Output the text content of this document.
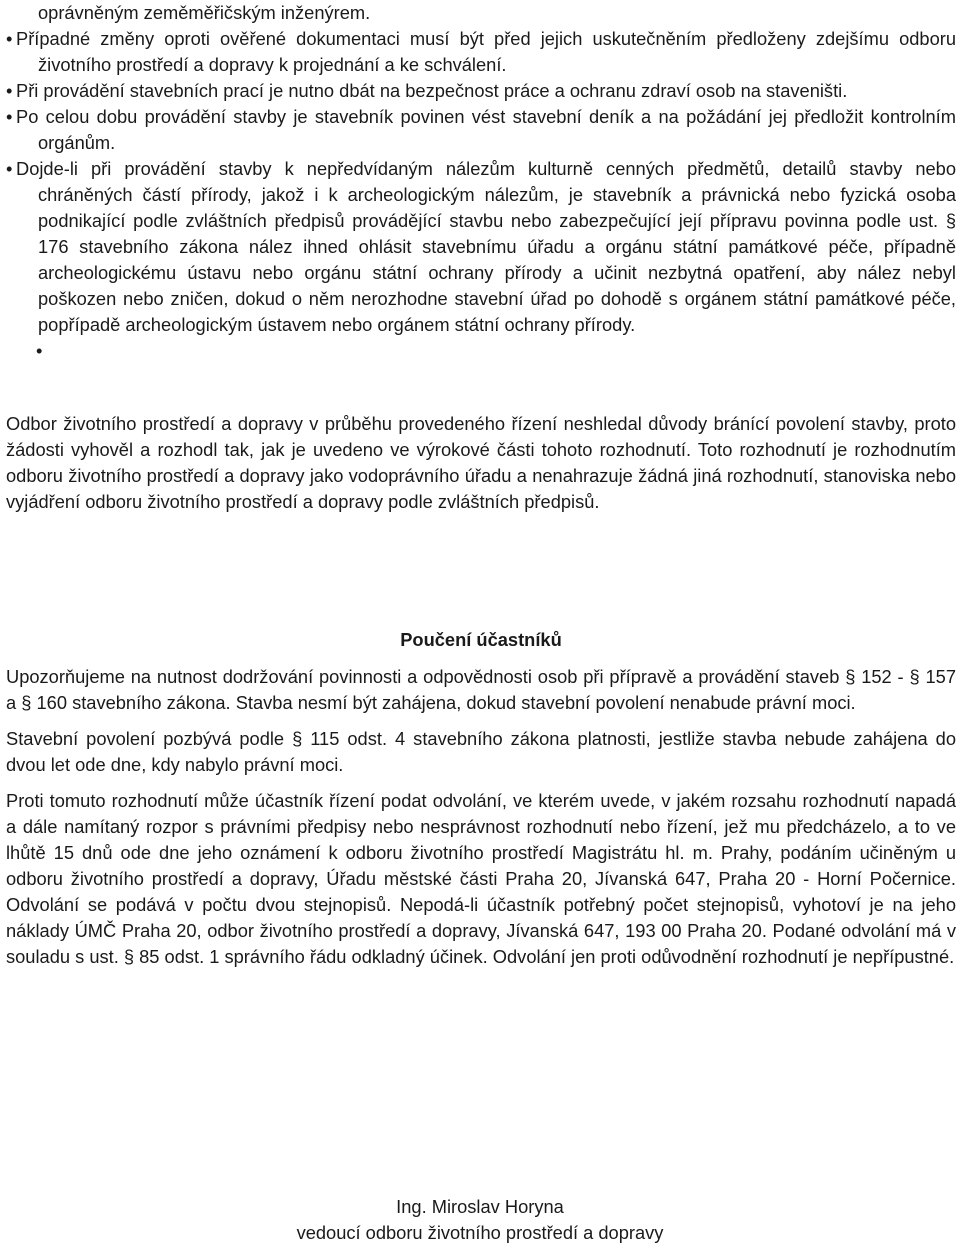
oprávněným zeměměřičským inženýrem.

• Případné změny oproti ověřené dokumentaci musí být před jejich uskutečněním předloženy zdejšímu odboru životního prostředí a dopravy k projednání a ke schválení.

• Při provádění stavebních prací je nutno dbát na bezpečnost práce a ochranu zdraví osob na staveništi.

• Po celou dobu provádění stavby je stavebník povinen vést stavební deník a na požádání jej předložit kontrolním orgánům.

• Dojde-li při provádění stavby k nepředvídaným nálezům kulturně cenných předmětů, detailů stavby nebo chráněných částí přírody, jakož i k archeologickým nálezům, je stavebník a právnická nebo fyzická osoba podnikající podle zvláštních předpisů provádějící stavbu nebo zabezpečující její přípravu povinna podle ust. § 176 stavebního zákona nález ihned ohlásit stavebnímu úřadu a orgánu státní památkové péče, případně archeologickému ústavu nebo orgánu státní ochrany přírody a učinit nezbytná opatření, aby nález nebyl poškozen nebo zničen, dokud o něm nerozhodne stavební úřad po dohodě s orgánem státní památkové péče, popřípadě archeologickým ústavem nebo orgánem státní ochrany přírody.

•

Odbor životního prostředí a dopravy v průběhu provedeného řízení neshledal důvody bránící povolení stavby, proto žádosti vyhověl a rozhodl tak, jak je uvedeno ve výrokové části tohoto rozhodnutí. Toto rozhodnutí je rozhodnutím odboru životního prostředí a dopravy jako vodoprávního úřadu a nenahrazuje žádná jiná rozhodnutí, stanoviska nebo vyjádření odboru životního prostředí a dopravy podle zvláštních předpisů.

Poučení účastníků

Upozorňujeme na nutnost dodržování povinnosti a odpovědnosti osob při přípravě a provádění staveb § 152 - § 157 a § 160 stavebního zákona. Stavba nesmí být zahájena, dokud stavební povolení nenabude právní moci.

Stavební povolení pozbývá podle § 115 odst. 4 stavebního zákona platnosti, jestliže stavba nebude zahájena do dvou let ode dne, kdy nabylo právní moci.

Proti tomuto rozhodnutí může účastník řízení podat odvolání, ve kterém uvede, v jakém rozsahu rozhodnutí napadá a dále namítaný rozpor s právními předpisy nebo nesprávnost rozhodnutí nebo řízení, jež mu předcházelo, a to ve lhůtě 15 dnů ode dne jeho oznámení k odboru životního prostředí Magistrátu hl. m. Prahy, podáním učiněným u odboru životního prostředí a dopravy, Úřadu městské části Praha 20, Jívanská 647, Praha 20 - Horní Počernice. Odvolání se podává v počtu dvou stejnopisů. Nepodá-li účastník potřebný počet stejnopisů, vyhotoví je na jeho náklady ÚMČ Praha 20, odbor životního prostředí a dopravy, Jívanská 647, 193 00 Praha 20. Podané odvolání má v souladu s ust. § 85 odst. 1 správního řádu odkladný účinek. Odvolání jen proti odůvodnění rozhodnutí je nepřípustné.

Ing. Miroslav Horyna
vedoucí odboru životního prostředí a dopravy
